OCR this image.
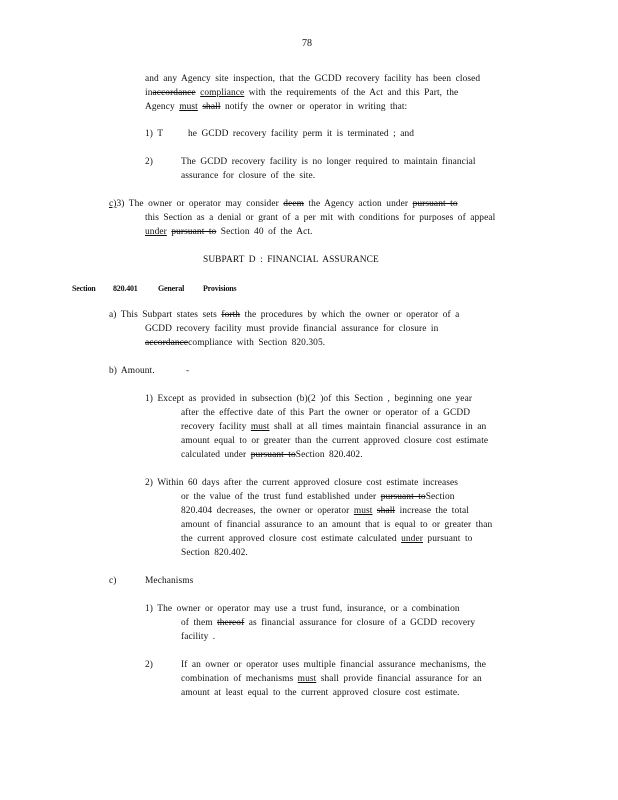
78
and any Agency site inspection, that the GCDD recovery facility has been closed
inaccordance compliance with the requirements of the Act and this Part, the
Agency must shall notify the owner or operator in writing that:
1) T	he GCDD recovery facility perm it is terminated ; and
2)	The GCDD recovery facility is no longer required to maintain financial
assurance for closure of the site.
c)3) The owner or operator may consider deem the Agency action under pursuant to
this Section as a denial or grant of a per mit with conditions for purposes of appeal
under pursuant to Section 40 of the Act.
SUBPART D : FINANCIAL ASSURANCE
Section 820.401	General Provisions
a) This Subpart states sets forth the procedures by which the owner or operator of a
GCDD recovery facility must provide financial assurance for closure in
accordancecompliance with Section 820.305.
b) Amount.	-
1) Except as provided in subsection (b)(2 )of this Section , beginning one year
after the effective date of this Part the owner or operator of a GCDD
recovery facility must shall at all times maintain financial assurance in an
amount equal to or greater than the current approved closure cost estimate
calculated under pursuant toSection 820.402.
2) Within 60 days after the current approved closure cost estimate increases
or the value of the trust fund established under pursuant toSection
820.404 decreases, the owner or operator must shall increase the total
amount of financial assurance to an amount that is equal to or greater than
the current approved closure cost estimate calculated under pursuant to
Section 820.402.
c)	Mechanisms
1) The owner or operator may use a trust fund, insurance, or a combination
of them thereof as financial assurance for closure of a GCDD recovery
facility .
2)	If an owner or operator uses multiple financial assurance mechanisms, the
combination of mechanisms must shall provide financial assurance for an
amount at least equal to the current approved closure cost estimate.
